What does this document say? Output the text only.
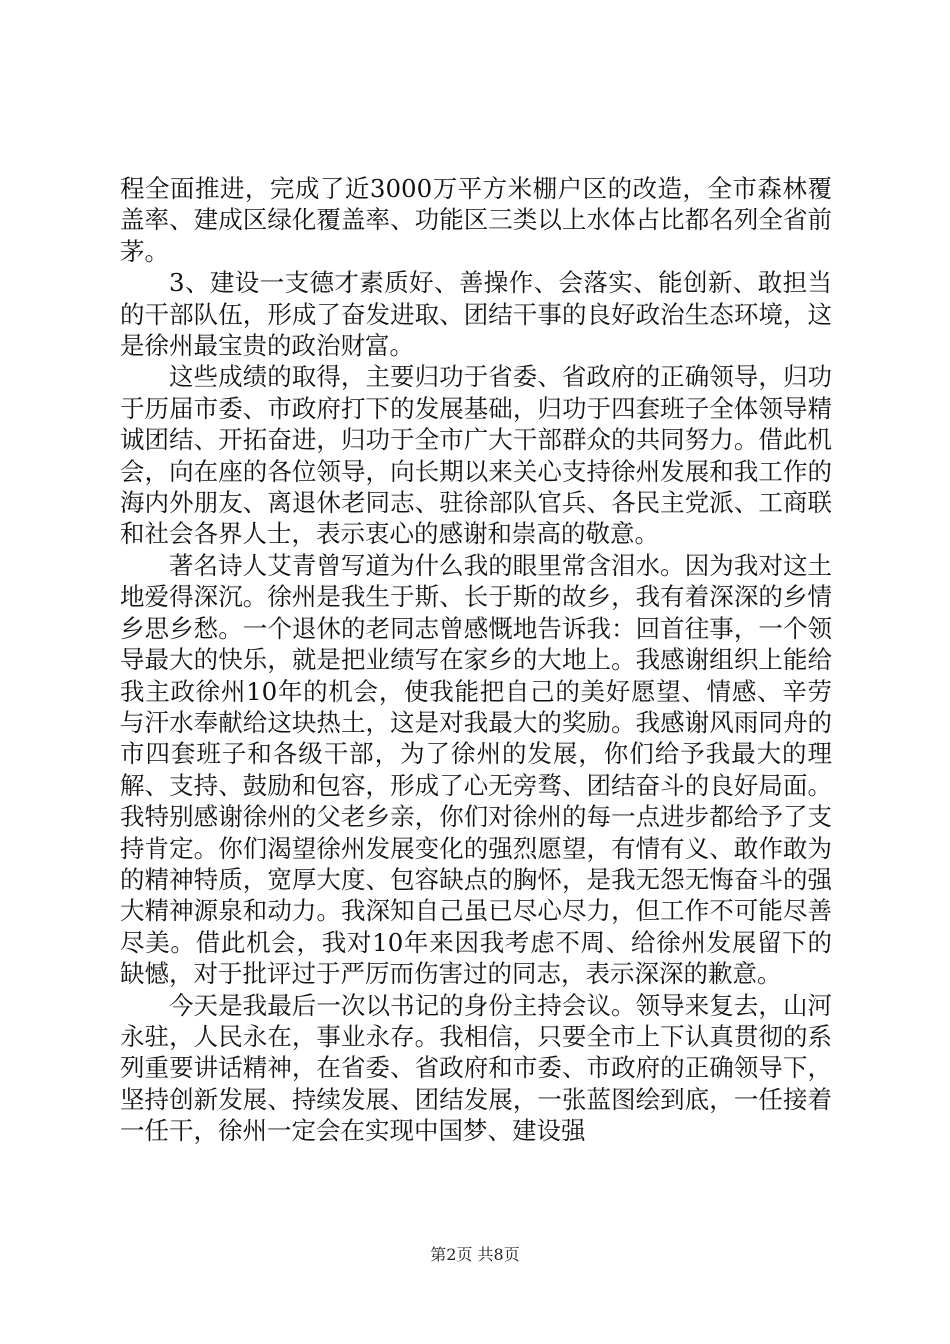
程全面推进，完成了近3000万平方米棚户区的改造，全市森林覆盖率、建成区绿化覆盖率、功能区三类以上水体占比都名列全省前茅。

3、建设一支德才素质好、善操作、会落实、能创新、敢担当的干部队伍，形成了奋发进取、团结干事的良好政治生态环境，这是徐州最宝贵的政治财富。

这些成绩的取得，主要归功于省委、省政府的正确领导，归功于历届市委、市政府打下的发展基础，归功于四套班子全体领导精诚团结、开拓奋进，归功于全市广大干部群众的共同努力。借此机会，向在座的各位领导，向长期以来关心支持徐州发展和我工作的海内外朋友、离退休老同志、驻徐部队官兵、各民主党派、工商联和社会各界人士，表示衷心的感谢和崇高的敬意。

著名诗人艾青曾写道为什么我的眼里常含泪水。因为我对这土地爱得深沉。徐州是我生于斯、长于斯的故乡，我有着深深的乡情乡思乡愁。一个退休的老同志曾感慨地告诉我：回首往事，一个领导最大的快乐，就是把业绩写在家乡的大地上。我感谢组织上能给我主政徐州10年的机会，使我能把自己的美好愿望、情感、辛劳与汗水奉献给这块热土，这是对我最大的奖励。我感谢风雨同舟的市四套班子和各级干部，为了徐州的发展，你们给予我最大的理解、支持、鼓励和包容，形成了心无旁骛、团结奋斗的良好局面。我特别感谢徐州的父老乡亲，你们对徐州的每一点进步都给予了支持肯定。你们渴望徐州发展变化的强烈愿望，有情有义、敢作敢为的精神特质，宽厚大度、包容缺点的胸怀，是我无怨无悔奋斗的强大精神源泉和动力。我深知自己虽已尽心尽力，但工作不可能尽善尽美。借此机会，我对10年来因我考虑不周、给徐州发展留下的缺憾，对于批评过于严厉而伤害过的同志，表示深深的歉意。

今天是我最后一次以书记的身份主持会议。领导来复去，山河永驻，人民永在，事业永存。我相信，只要全市上下认真贯彻的系列重要讲话精神，在省委、省政府和市委、市政府的正确领导下，坚持创新发展、持续发展、团结发展，一张蓝图绘到底，一任接着一任干，徐州一定会在实现中国梦、建设强

第2页 共8页
